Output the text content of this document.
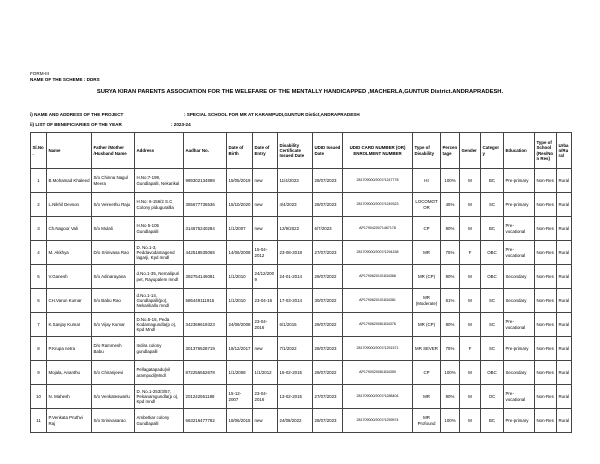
FORM-III
NAME OF THE SCHEME : DDRS
SURYA KIRAN PARENTS ASSOCIATION FOR THE WELEFARE OF THE MENTALLY HANDICAPPED ,MACHERLA,GUNTUR District.ANDRAPRADESH.
i) NAME AND ADDRESS OF THE PROJECT	: SPECIAL SCHOOL FOR MR AT KARAMPUDI,GUNTUR Distict,ANDRAPRADESH
ii) LIST OF BENEFICIARIES OF THE YEAR	: 2023-24
Sl.No.	Name	Father /Mother /Husband Name	Address	Aadhar No.	Date of Birth	Date of Entry	Disability Certificate Issued Date	UDID Issued Date	UDID CARD NUMBER (OR) ENROLMENT NUMBER	Type of Disability	Percentage	Gender	Category	Education	Type of School (Res/Non Res)	Urban/Rural
1	B.Mohamad Khaleed	S/o Chinna Nagul Meera	H.No:7-199, Gundlapalli, Nekarikal	989302134898	15/05/2019	new	11/4/2023	28/07/2023	281709000/2007/1247778	HI	100%	M	BC	Pre-primary	Non-Res	Rural
2	L.Nikhil Devson	S/o Veireethu Raju	H.No: 6-156/2 S.C Colony pidugurallla	355677736536	15/10/2020	new	4/4/2023	28/07/2023	281709000/2007/1249323	LOCOMOTOR	45%	M	SC	Pre-primary	Non-Res	Rural
3	Ch.Nagoor Vali	S/o Mulali	H.No 5-105 Gundlapalli	314675240284	1/1/2007	new	12/9/2022	6/7/2023	AP1790420071467178	CP	90%	M	BC	Pre-vocational	Non-Res	Rural
4	M. Akkhya	D/o Srinivasa Rao	D. No.1-3, Peddavodamagend lagarji, Kpd mndl	442518535065	14/06/2008	15-04-2012	23-08-2018	27/07/2023	281709000/2007/1294158	MR	75%	F	OBC	Pre-vocational	Non-Res	Rural
5	V.Ganesh	S/o Adinarayana	d.No.1-35, Nemalipuri pet, Rayupalem mndl	392754146081	1/1/2010	24/12/2009	24-01-2014	29/07/2022	AP1790820101834368	MR (CP)	90%	M	OBC	Secondary	Non-Res	Rural
6	CH.Varun Kumar	S/o Babu Rao	d.No.1-14, Gundlapalli(po), Nekarikallu mndl	586449111915	1/1/2010	23-04-16	17-03-2014	30/07/2022	AP1790820101834381	MR (Moderate)	61%	M	SC	Secondary	Non-Res	Rural
7	K.Sanjay Kumar	S/o Vijay Kumar	D.No.5-16, Peda Kodamagundla(p o), Kpd Mndl	342369619323	24/09/2008	23-04-2016	6/1/2015	29/07/2022	AP1790620081834376	MR (CP)	80%	M	SC	Pre-vocational	Non-Res	Rural
8	P.Krupa netra	D/o Rammesh Babu	Indira colony gundlapalli	301376528719	18/12/2017	new	7/1/2022	28/07/2023	281709000/2007/1251571	MR SEVER	75%	F	SC	Pre-primary	Non-Res	Rural
9	Mojala, Ananthu	S/o Chiranjeevi	Pellagatapadu(vil arampudi)Mndl	872255552678	1/1/2008	1/1/2012	15-02-2015	29/07/2022	AP1790020081834359	CP	100%	M	OBC	Secondary	Non-Res	Rural
10	N. Mahesh	S/o Venkateswarlu	D. No.1-253/3/57, Pekanamgundla(p o), Kpd mndl	201242561188	15-12-2007	23-04-2016	13-02-2015	27/07/2023	281709000/2007/1288404	MR	90%	M	OC	Pre-vocational	Non-Res	Rural
11	P.Venkata Pruthvi Raj	S/o Srinivasarao	Ambetkar colony Gundlapalli	663216477782	18/06/2015	new	24/08/2022	28/07/2023	281709000/2007/1259574	MR Profound	100%	M	BC	Pre-primary	Non-Res	Rural
